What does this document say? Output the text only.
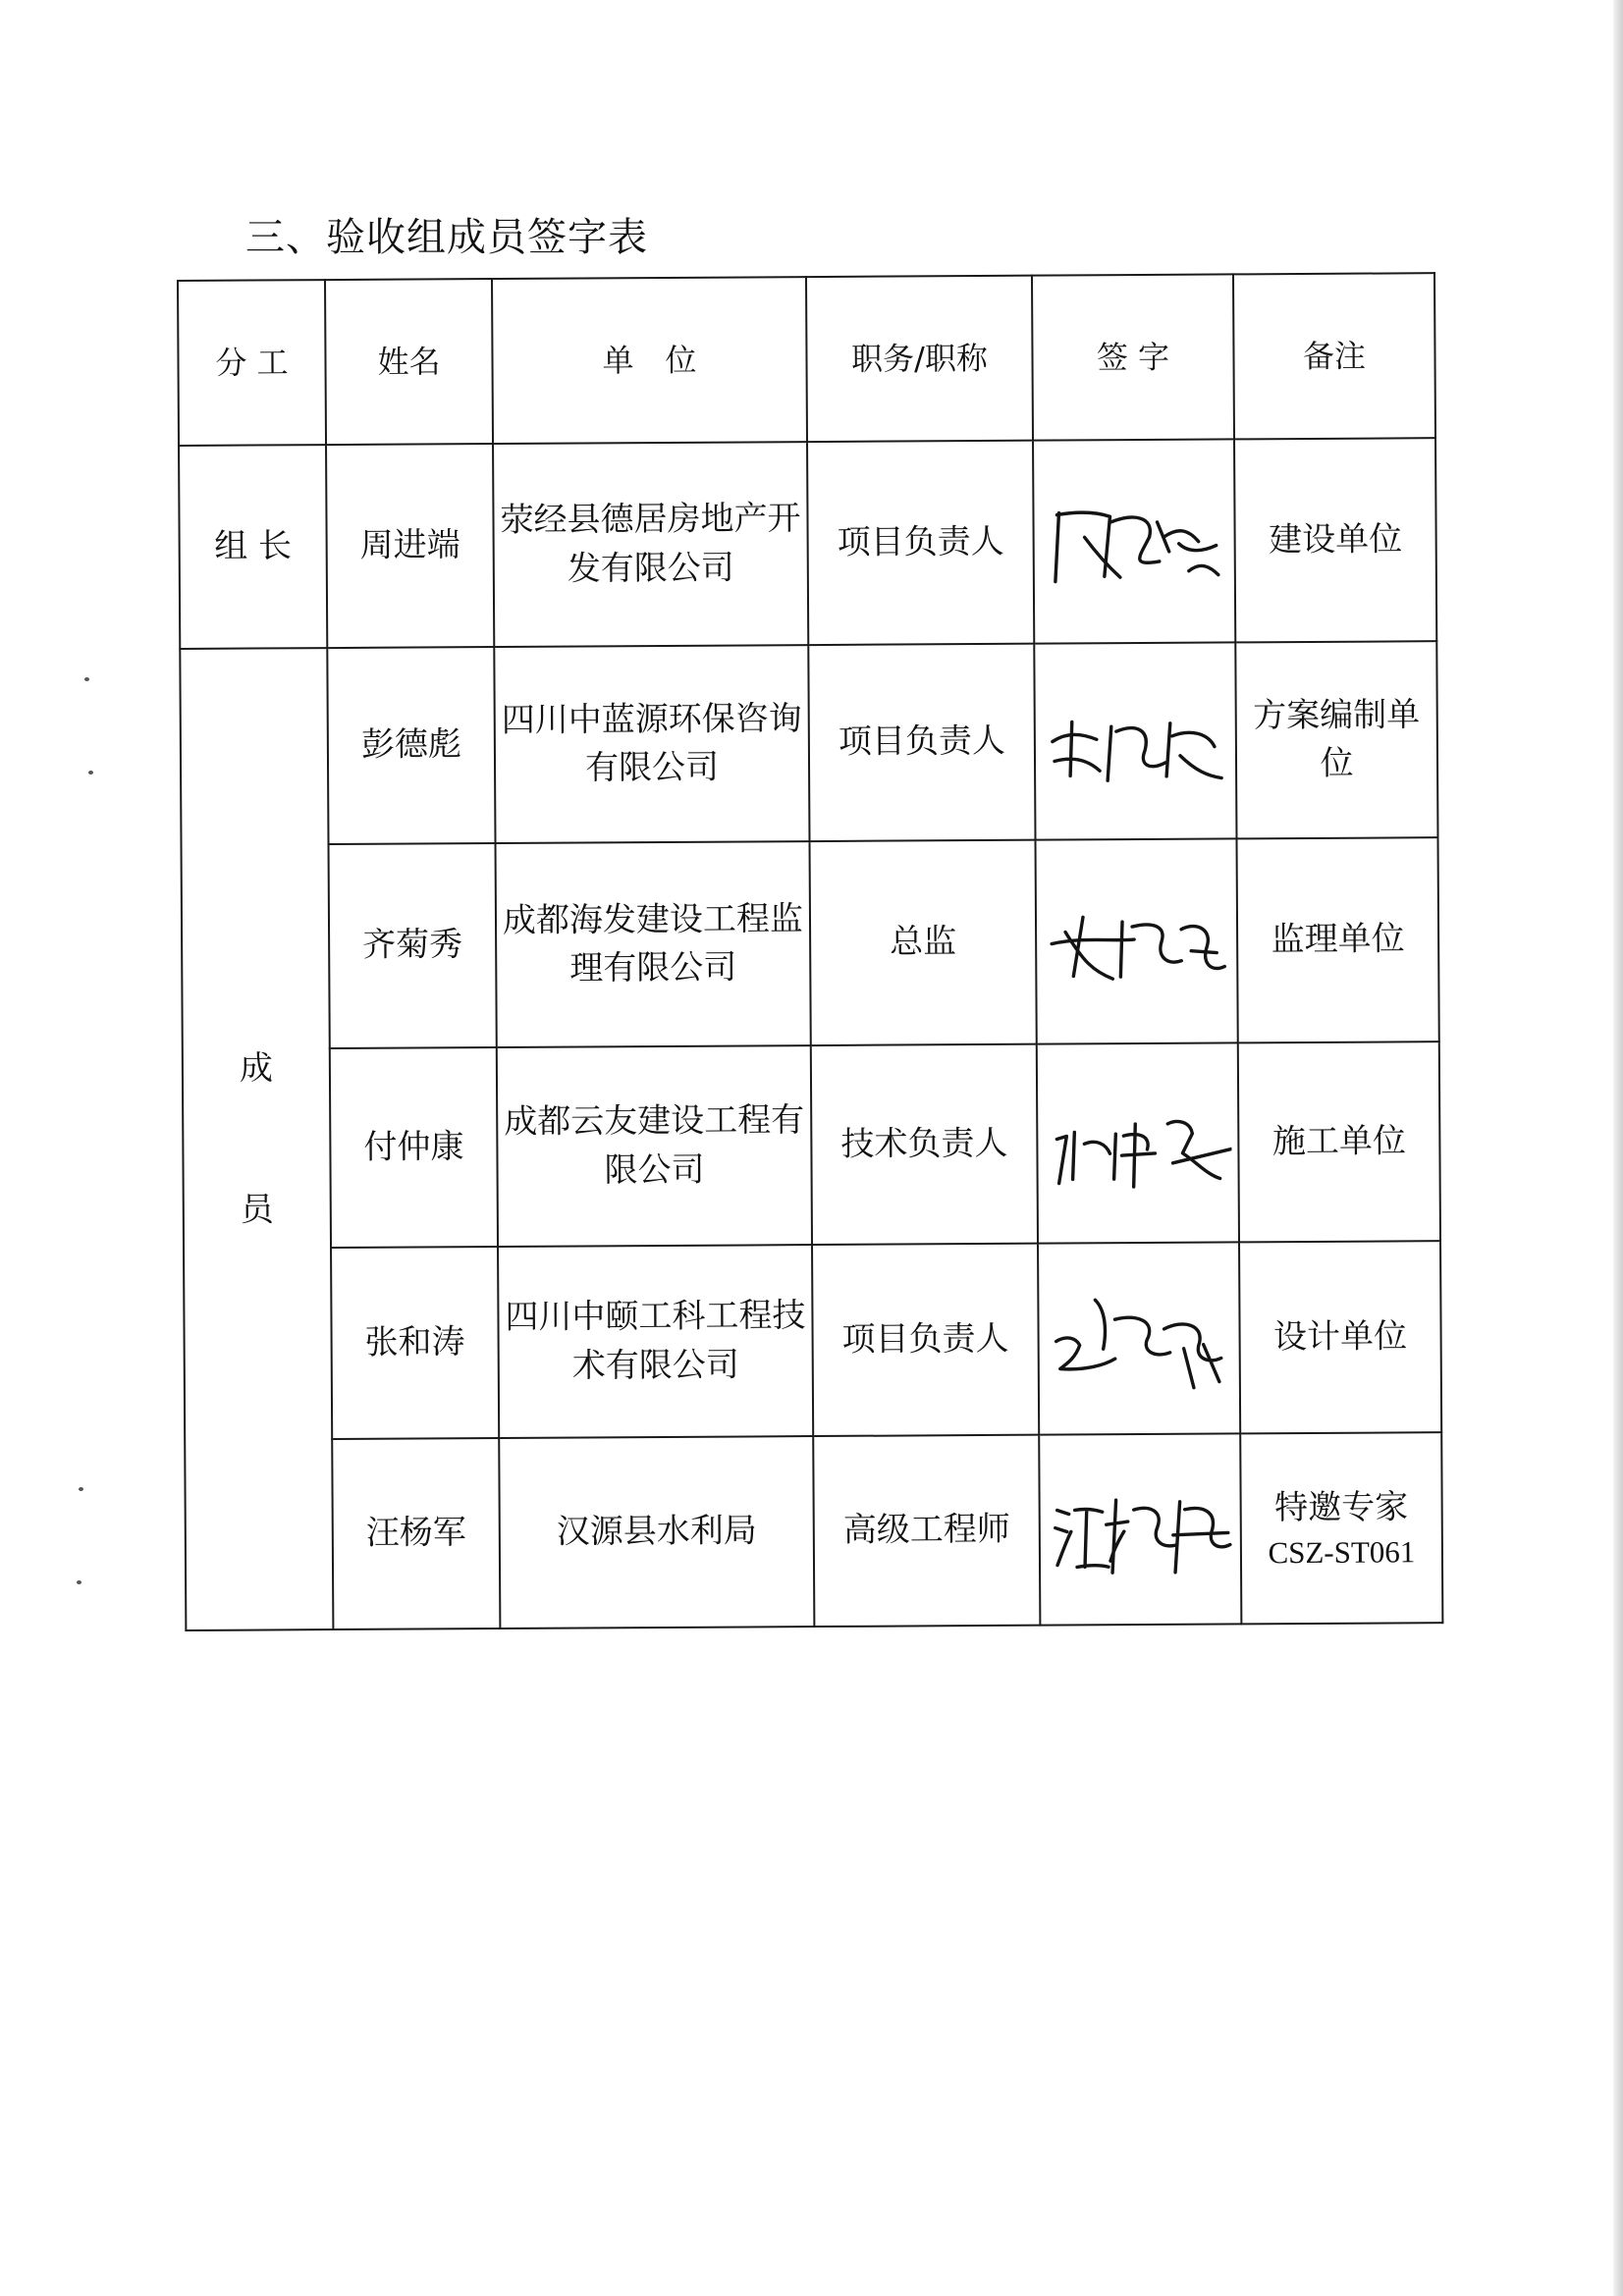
三、验收组成员签字表
分 工	姓名	单　位	职务/职称	签 字	备注
组 长	周进端	荥经县德居房地产开发有限公司	项目负责人		建设单位

成
员	彭德彪	四川中蓝源环保咨询有限公司	项目负责人		方案编制单位
	齐菊秀	成都海发建设工程监理有限公司	总监		监理单位
	付仲康	成都云友建设工程有限公司	技术负责人		施工单位
	张和涛	四川中颐工科工程技术有限公司	项目负责人		设计单位
	汪杨军	汉源县水利局	高级工程师		特邀专家
CSZ-ST061
